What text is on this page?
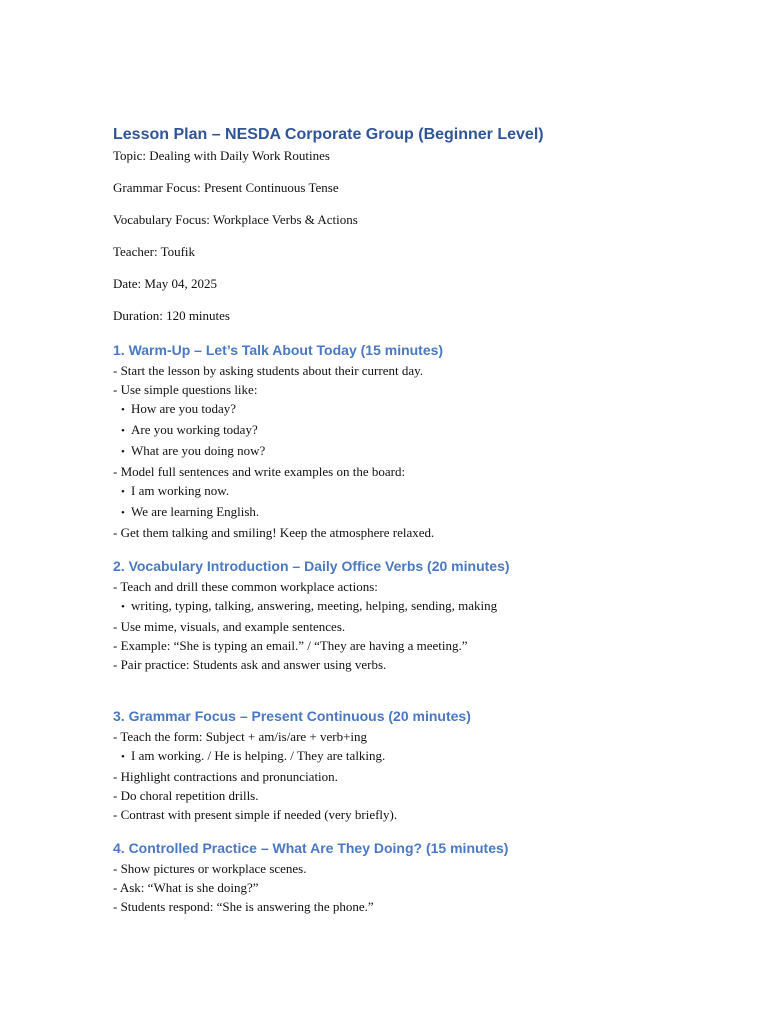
Lesson Plan – NESDA Corporate Group (Beginner Level)
Topic: Dealing with Daily Work Routines
Grammar Focus: Present Continuous Tense
Vocabulary Focus: Workplace Verbs & Actions
Teacher: Toufik
Date: May 04, 2025
Duration: 120 minutes
1. Warm-Up – Let’s Talk About Today (15 minutes)
- Start the lesson by asking students about their current day.
- Use simple questions like:
• How are you today?
• Are you working today?
• What are you doing now?
- Model full sentences and write examples on the board:
• I am working now.
• We are learning English.
- Get them talking and smiling! Keep the atmosphere relaxed.
2. Vocabulary Introduction – Daily Office Verbs (20 minutes)
- Teach and drill these common workplace actions:
• writing, typing, talking, answering, meeting, helping, sending, making
- Use mime, visuals, and example sentences.
- Example: “She is typing an email.” / “They are having a meeting.”
- Pair practice: Students ask and answer using verbs.
3. Grammar Focus – Present Continuous (20 minutes)
- Teach the form: Subject + am/is/are + verb+ing
• I am working. / He is helping. / They are talking.
- Highlight contractions and pronunciation.
- Do choral repetition drills.
- Contrast with present simple if needed (very briefly).
4. Controlled Practice – What Are They Doing? (15 minutes)
- Show pictures or workplace scenes.
- Ask: “What is she doing?”
- Students respond: “She is answering the phone.”
